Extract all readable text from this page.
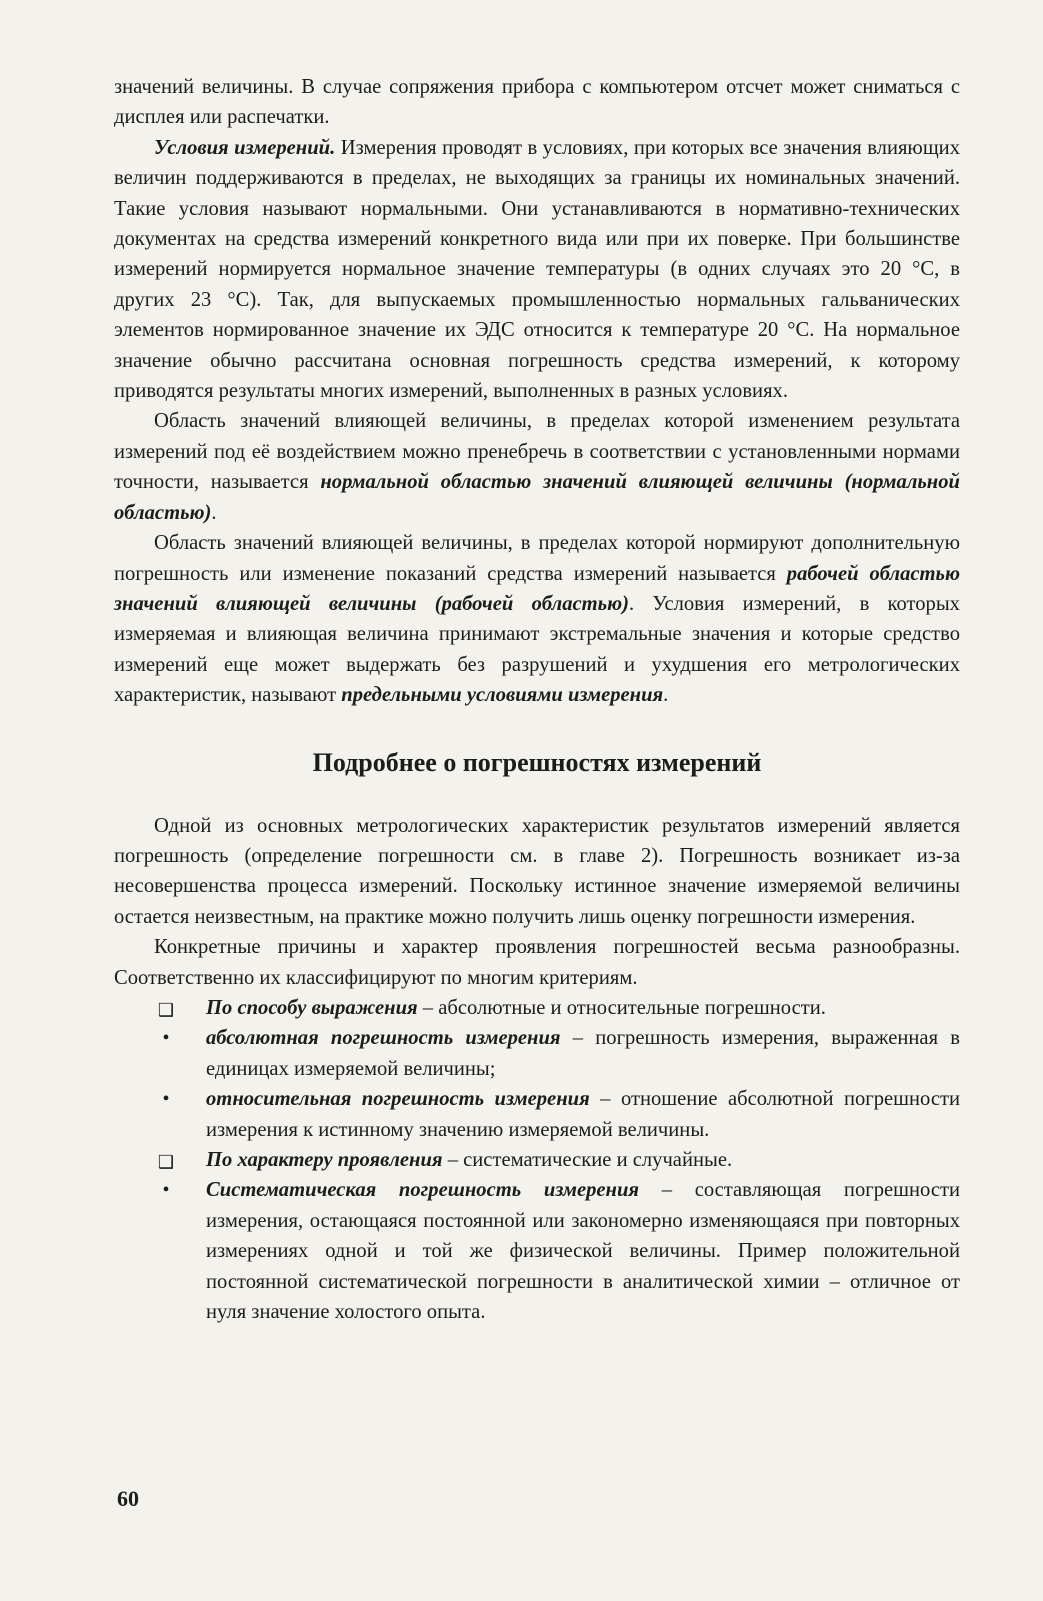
значений величины. В случае сопряжения прибора с компьютером отсчет может сниматься с дисплея или распечатки.

Условия измерений. Измерения проводят в условиях, при которых все значения влияющих величин поддерживаются в пределах, не выходящих за границы их номинальных значений. Такие условия называют нормальными. Они устанавливаются в нормативно-технических документах на средства измерений конкретного вида или при их поверке. При большинстве измерений нормируется нормальное значение температуры (в одних случаях это 20 °С, в других 23 °С). Так, для выпускаемых промышленностью нормальных гальванических элементов нормированное значение их ЭДС относится к температуре 20 °С. На нормальное значение обычно рассчитана основная погрешность средства измерений, к которому приводятся результаты многих измерений, выполненных в разных условиях.

Область значений влияющей величины, в пределах которой изменением результата измерений под её воздействием можно пренебречь в соответствии с установленными нормами точности, называется нормальной областью значений влияющей величины (нормальной областью).

Область значений влияющей величины, в пределах которой нормируют дополнительную погрешность или изменение показаний средства измерений называется рабочей областью значений влияющей величины (рабочей областью). Условия измерений, в которых измеряемая и влияющая величина принимают экстремальные значения и которые средство измерений еще может выдержать без разрушений и ухудшения его метрологических характеристик, называют предельными условиями измерения.

Подробнее о погрешностях измерений

Одной из основных метрологических характеристик результатов измерений является погрешность (определение погрешности см. в главе 2). Погрешность возникает из-за несовершенства процесса измерений. Поскольку истинное значение измеряемой величины остается неизвестным, на практике можно получить лишь оценку погрешности измерения.

Конкретные причины и характер проявления погрешностей весьма разнообразны. Соответственно их классифицируют по многим критериям.

❑ По способу выражения – абсолютные и относительные погрешности.
•	абсолютная погрешность измерения – погрешность измерения, выраженная в единицах измеряемой величины;
•	относительная погрешность измерения – отношение абсолютной погрешности измерения к истинному значению измеряемой величины.
❑ По характеру проявления – систематические и случайные.
•	Систематическая погрешность измерения – составляющая погрешности измерения, остающаяся постоянной или закономерно изменяющаяся при повторных измерениях одной и той же физической величины. Пример положительной постоянной систематической погрешности в аналитической химии – отличное от нуля значение холостого опыта.
60
